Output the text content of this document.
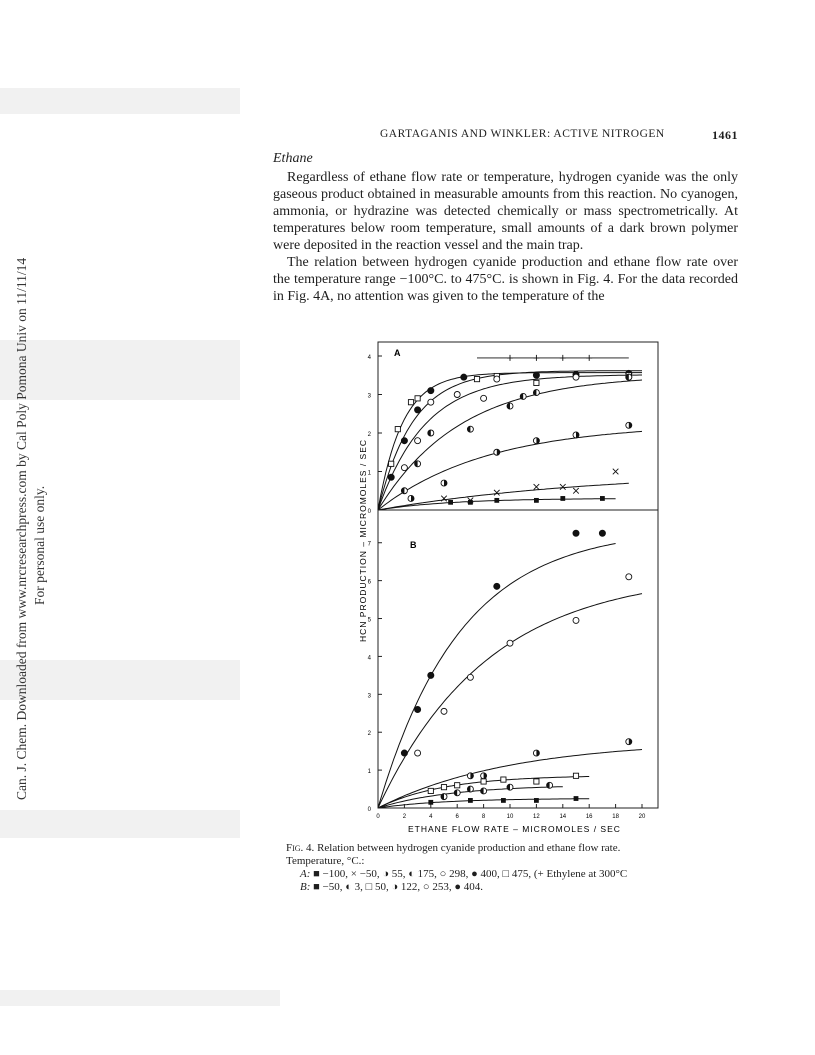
Can. J. Chem. Downloaded from www.nrcresearchpress.com by Cal Poly Pomona Univ on 11/11/14 For personal use only.
GARTAGANIS AND WINKLER: ACTIVE NITROGEN	1461
Ethane

Regardless of ethane flow rate or temperature, hydrogen cyanide was the only gaseous product obtained in measurable amounts from this reaction. No cyanogen, ammonia, or hydrazine was detected chemically or mass spectrometrically. At temperatures below room temperature, small amounts of a dark brown polymer were deposited in the reaction vessel and the main trap.

The relation between hydrogen cyanide production and ethane flow rate over the temperature range −100°C. to 475°C. is shown in Fig. 4. For the data recorded in Fig. 4A, no attention was given to the temperature of the

A
B
HCN PRODUCTION – MICROMOLES / SEC
ETHANE FLOW RATE – MICROMOLES / SEC
0
1
2
3
4
0
1
2
3
4
5
6
7
0	2	4	6	8	10	12	14	16	18	20
Fig. 4. Relation between hydrogen cyanide production and ethane flow rate.
Temperature, °C.:
A: ■ −100, × −50, ◑ 55, ◐ 175, ○ 298, ● 400, □ 475, (+ Ethylene at 300°C
B: ■ −50, ◐ 3, □ 50, ◑ 122, ○ 253, ● 404.
